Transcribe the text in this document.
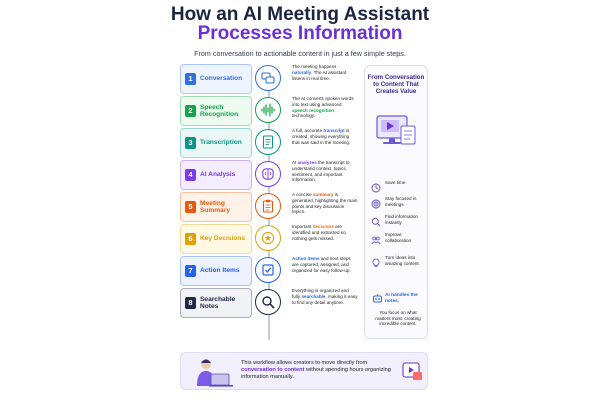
How an AI Meeting Assistant
Processes Information
From conversation to actionable content in just a few simple steps.
1	Conversation
The meeting happens naturally. The AI assistant listens in real time.
2	Speech Recognition
The AI converts spoken words into text using advanced speech recognition technology.
3	Transcription
A full, accurate transcript is created, showing everything that was said in the meeting.
4	AI Analysis
AI analyzes the transcript to understand context, topics, sentiment, and important information.
5	Meeting Summary
A concise summary is generated, highlighting the main points and key discussion topics.
6	Key Decisions
Important decisions are identified and extracted so nothing gets missed.
7	Action Items
Action items and next steps are captured, assigned, and organized for easy follow-up.
8	Searchable Notes
Everything is organized and fully searchable, making it easy to find any detail anytime.
From Conversation to Content That Creates Value
Save time
Stay focused in meetings
Find information instantly
Improve collaboration
Turn ideas into amazing content
AI handles the notes.
You focus on what matters most: creating incredible content.
This workflow allows creators to move directly from conversation to content without spending hours organizing information manually.
